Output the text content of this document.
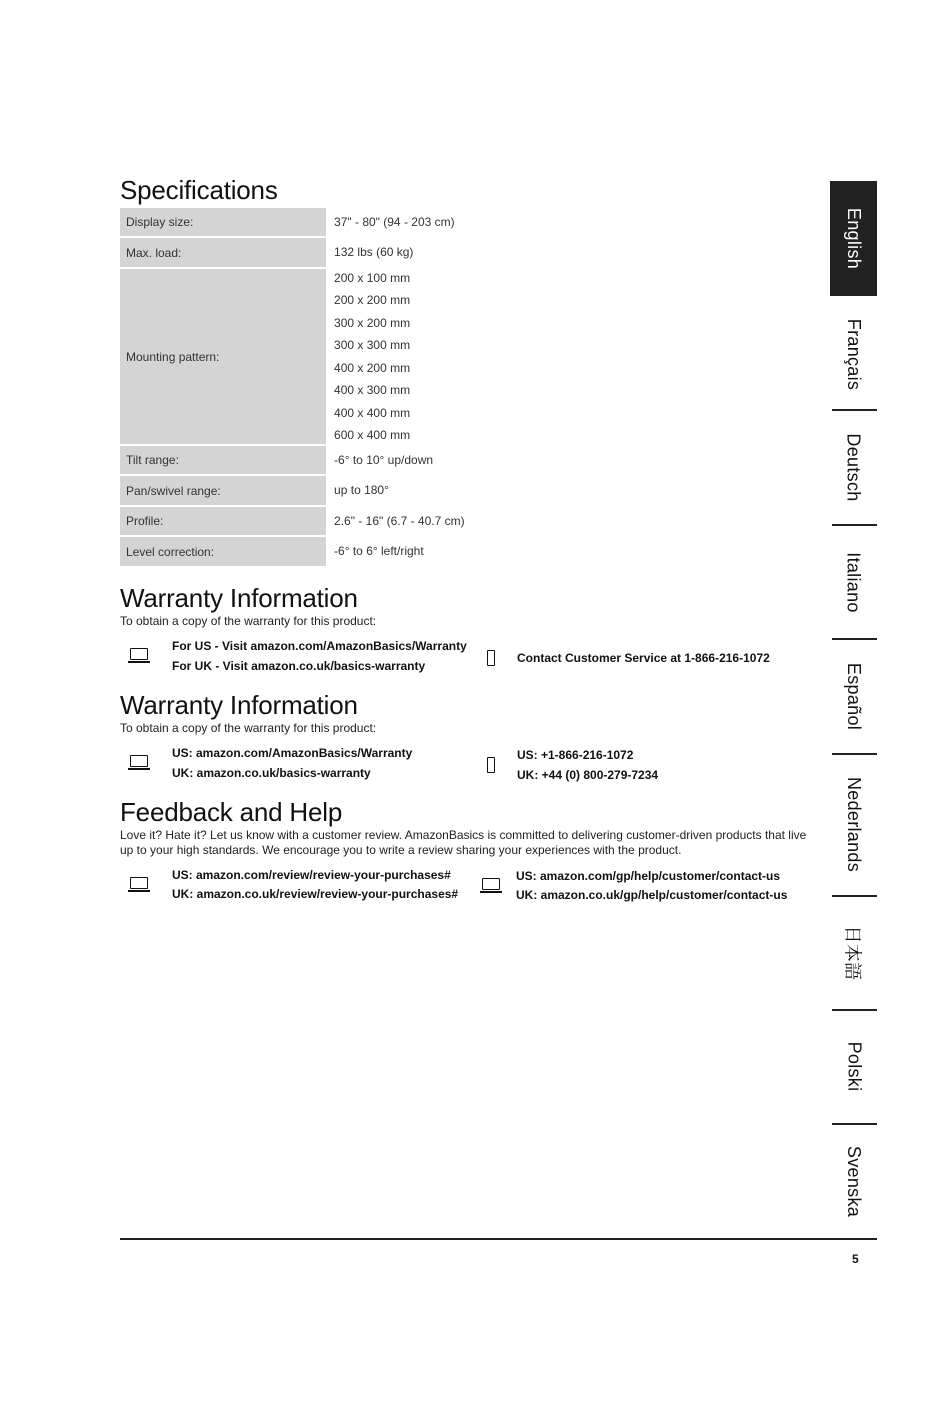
Specifications
Display size:	37" - 80" (94 - 203 cm)
Max. load:	132 lbs (60 kg)
Mounting pattern:
200 x 100 mm
200 x 200 mm
300 x 200 mm
300 x 300 mm
400 x 200 mm
400 x 300 mm
400 x 400 mm
600 x 400 mm
Tilt range:	-6° to 10° up/down
Pan/swivel range:	up to 180°
Profile:	2.6" - 16" (6.7 - 40.7 cm)
Level correction:	-6° to 6° left/right
Warranty Information
To obtain a copy of the warranty for this product:
For US - Visit amazon.com/AmazonBasics/Warranty
For UK - Visit amazon.co.uk/basics-warranty
Contact Customer Service at 1-866-216-1072
Warranty Information
To obtain a copy of the warranty for this product:
US: amazon.com/AmazonBasics/Warranty
UK: amazon.co.uk/basics-warranty
US: +1-866-216-1072
UK: +44 (0) 800-279-7234
Feedback and Help
Love it? Hate it? Let us know with a customer review. AmazonBasics is committed to delivering customer-driven products that live up to your high standards. We encourage you to write a review sharing your experiences with the product.
US: amazon.com/review/review-your-purchases#
UK: amazon.co.uk/review/review-your-purchases#
US: amazon.com/gp/help/customer/contact-us
UK: amazon.co.uk/gp/help/customer/contact-us
English
Français
Deutsch
Italiano
Español
Nederlands
日本語
Polski
Svenska
5
